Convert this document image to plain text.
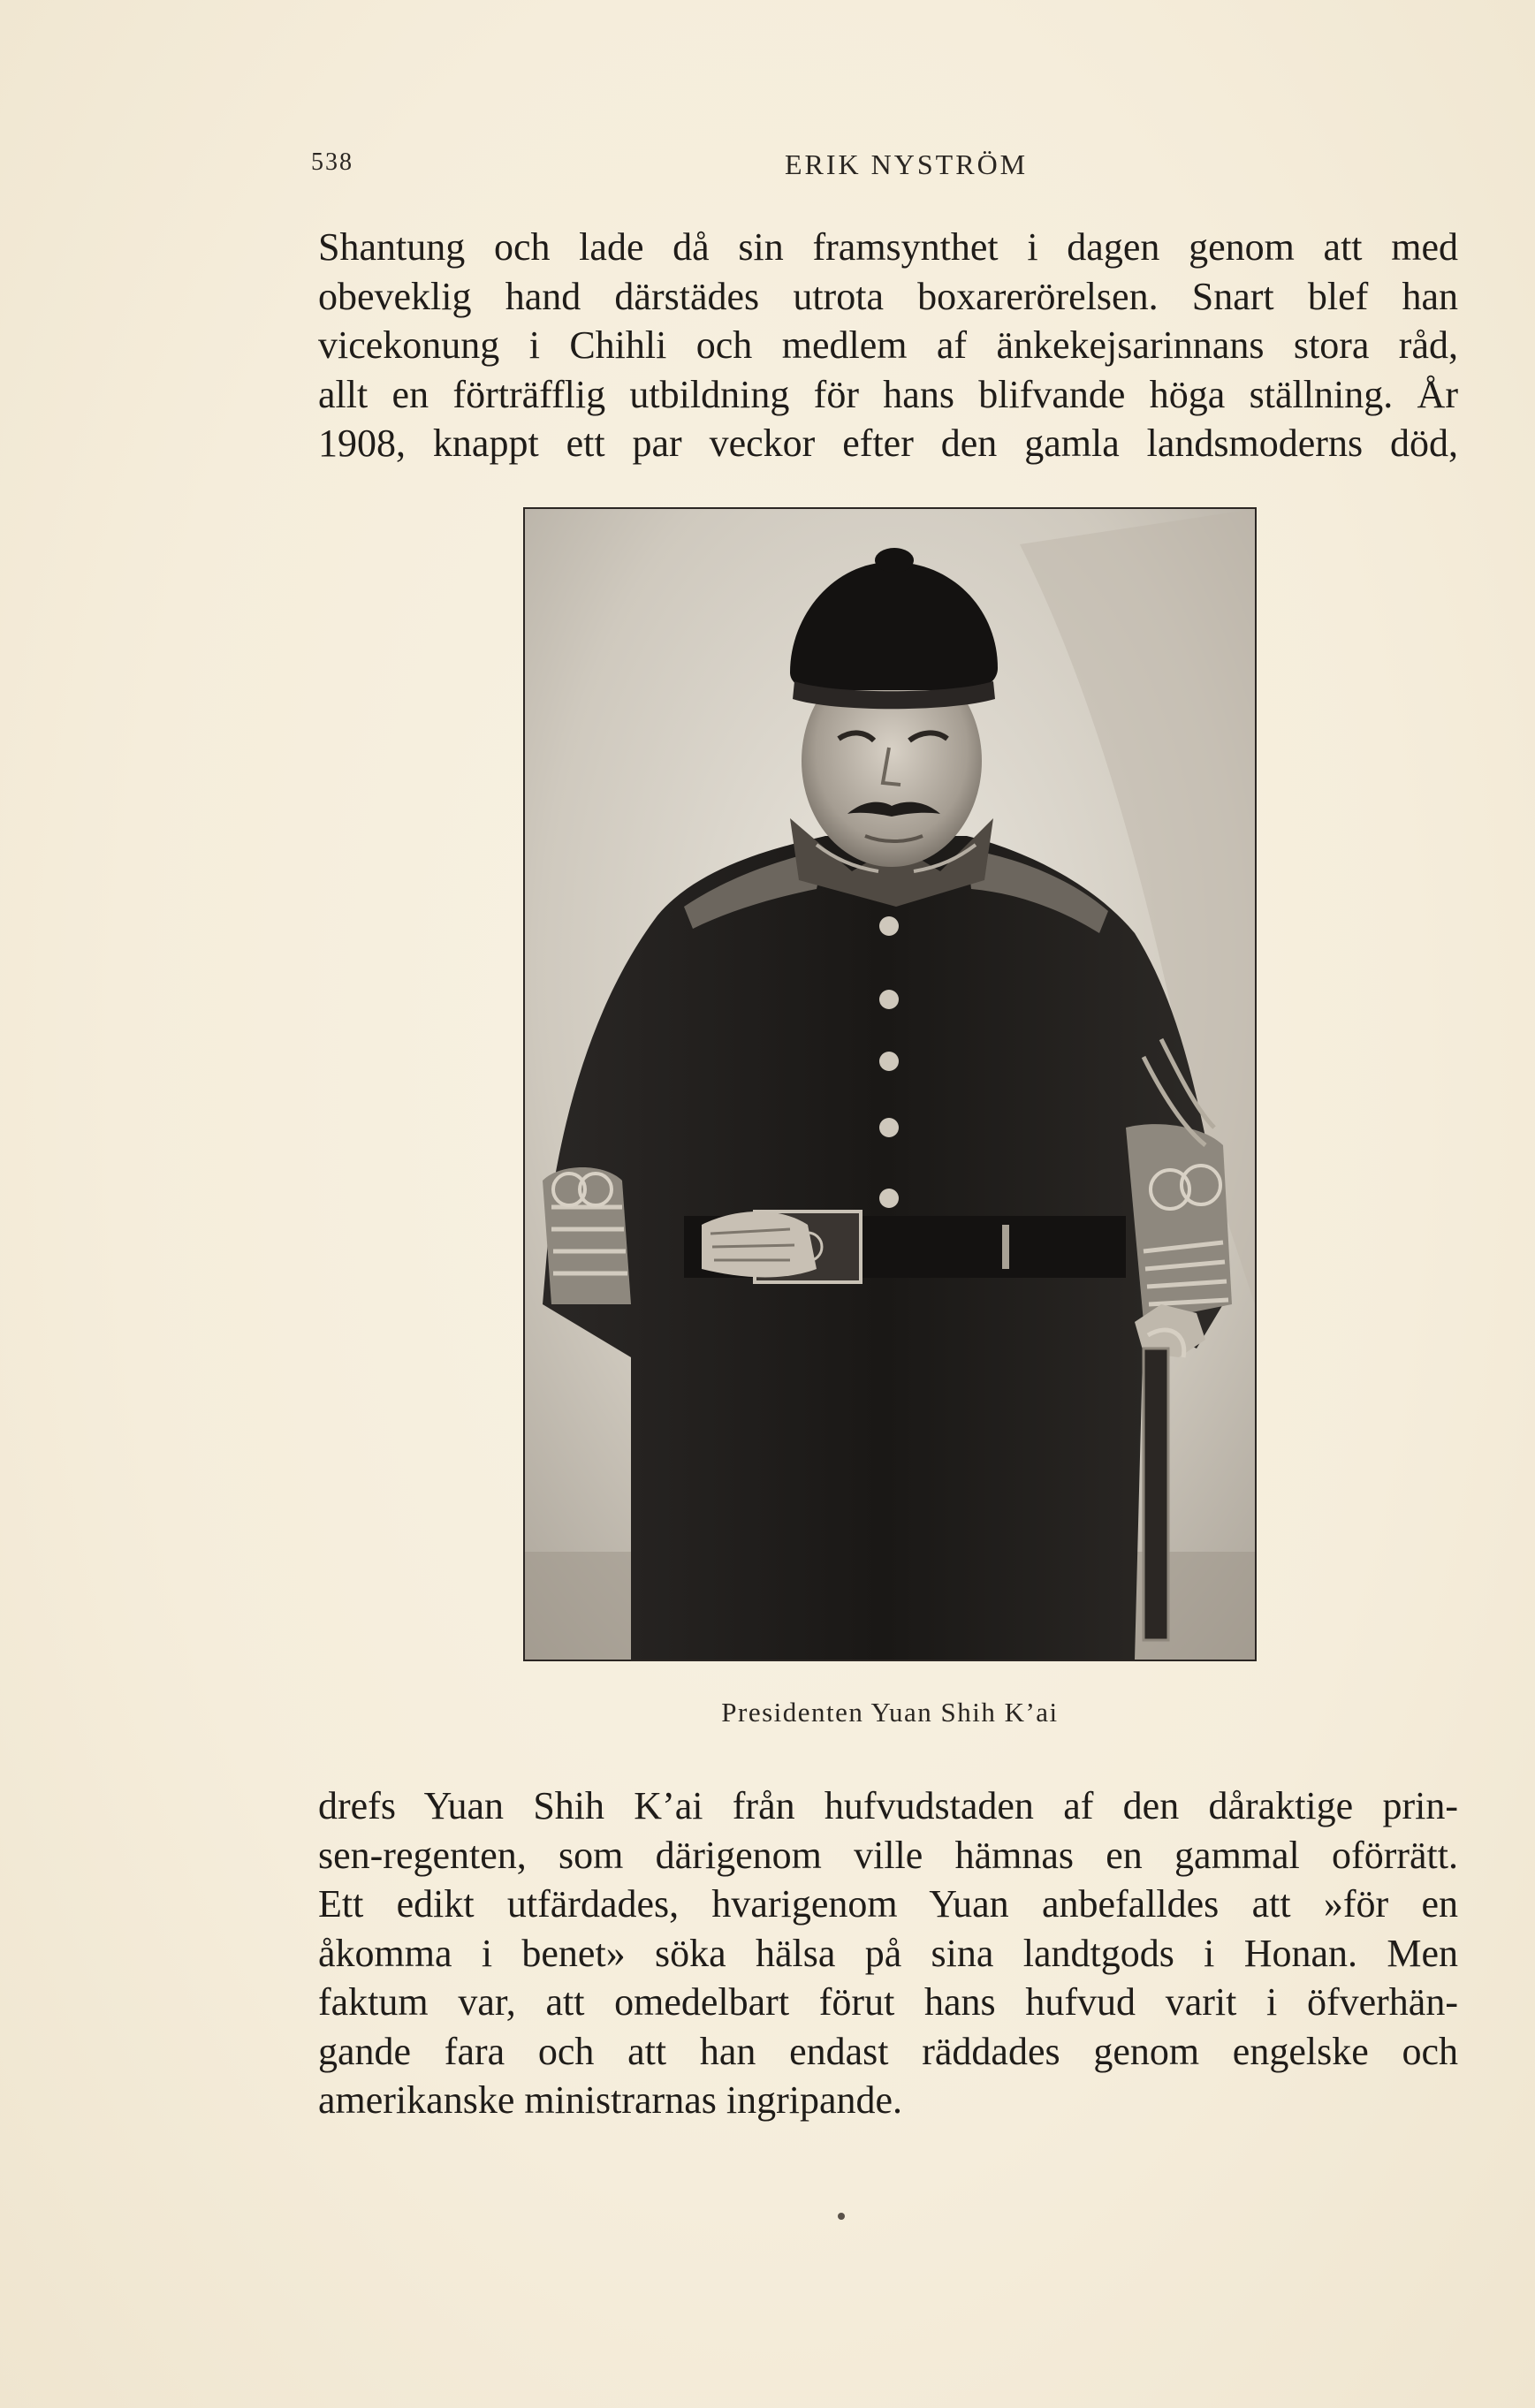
538	ERIK NYSTRÖM
Shantung och lade då sin framsynthet i dagen genom att med
obeveklig hand därstädes utrota boxarerörelsen. Snart blef han
vicekonung i Chihli och medlem af änkekejsarinnans stora råd,
allt en förträfflig utbildning för hans blifvande höga ställning. År
1908, knappt ett par veckor efter den gamla landsmoderns död,
Presidenten Yuan Shih K’ai
drefs Yuan Shih K’ai från hufvudstaden af den dåraktige prin-
sen-regenten, som därigenom ville hämnas en gammal oförrätt.
Ett edikt utfärdades, hvarigenom Yuan anbefalldes att »för en
åkomma i benet» söka hälsa på sina landtgods i Honan. Men
faktum var, att omedelbart förut hans hufvud varit i öfverhän-
gande fara och att han endast räddades genom engelske och
amerikanske ministrarnas ingripande.
